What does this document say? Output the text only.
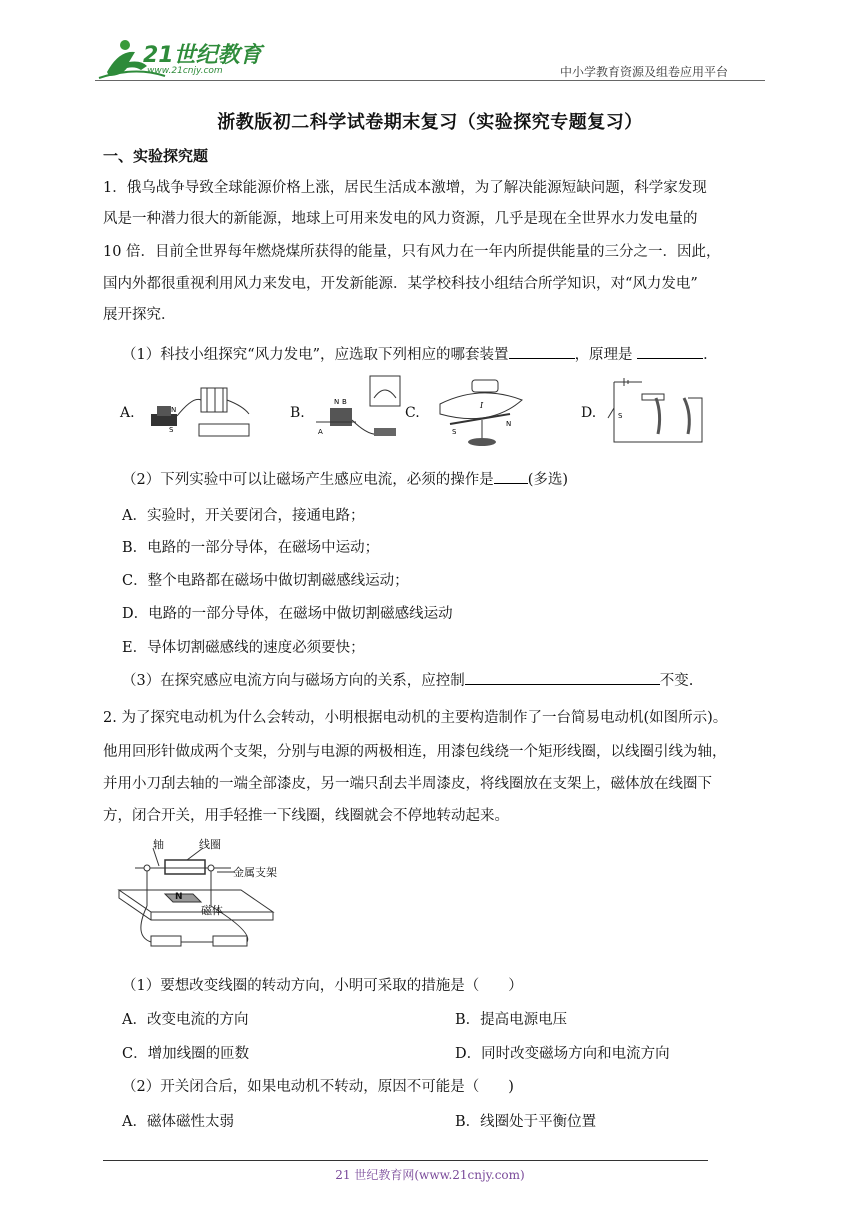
21世纪教育
www.21cnjy.com	中小学教育资源及组卷应用平台
浙教版初二科学试卷期末复习（实验探究专题复习）
一、实验探究题
1．俄乌战争导致全球能源价格上涨，居民生活成本激增，为了解决能源短缺问题，科学家发现
风是一种潜力很大的新能源，地球上可用来发电的风力资源，几乎是现在全世界水力发电量的
10 倍．目前全世界每年燃烧煤所获得的能量，只有风力在一年内所提供能量的三分之一．因此，
国内外都很重视利用风力来发电，开发新能源．某学校科技小组结合所学知识，对“风力发电”
展开探究．
（1）科技小组探究“风力发电”，应选取下列相应的哪套装置	，原理是	．
A.	N
S
B.
N B
A
C.
S
N
I	D.	S
（2）下列实验中可以让磁场产生感应电流，必须的操作是 (多选)
A．实验时，开关要闭合，接通电路；
B．电路的一部分导体，在磁场中运动；
C．整个电路都在磁场中做切割磁感线运动；
D．电路的一部分导体，在磁场中做切割磁感线运动
E．导体切割磁感线的速度必须要快；
（3）在探究感应电流方向与磁场方向的关系，应控制	不变.
2. 为了探究电动机为什么会转动，小明根据电动机的主要构造制作了一台简易电动机(如图所示)。
他用回形针做成两个支架，分别与电源的两极相连，用漆包线绕一个矩形线圈，以线圈引线为轴，
并用小刀刮去轴的一端全部漆皮，另一端只刮去半周漆皮，将线圈放在支架上，磁体放在线圈下
方，闭合开关，用手轻推一下线圈，线圈就会不停地转动起来。
轴	线圈
金属支架
N
磁体
（1）要想改变线圈的转动方向，小明可采取的措施是（　　）
A．改变电流的方向	B．提高电源电压
C．增加线圈的匝数	D．同时改变磁场方向和电流方向
（2）开关闭合后，如果电动机不转动，原因不可能是（　　)
A．磁体磁性太弱	B．线圈处于平衡位置
21 世纪教育网(www.21cnjy.com)
